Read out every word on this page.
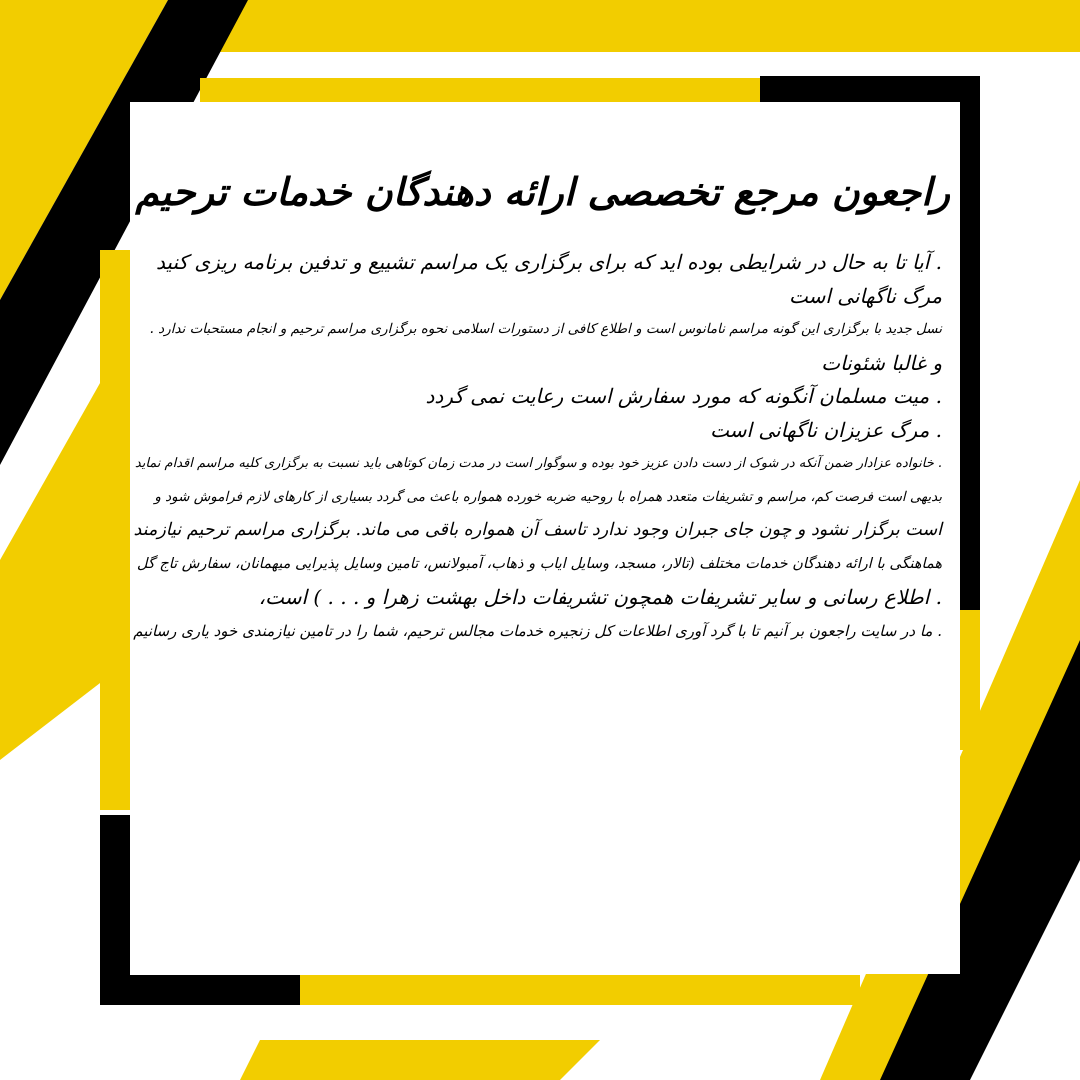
راجعون مرجع تخصصی ارائه دهندگان خدمات ترحیم
. آیا تا به حال در شرایطی بوده اید که برای برگزاری یک مراسم تشییع و تدفین برنامه ریزی کنید
مرگ ناگهانی است
نسل جدید با برگزاری این گونه مراسم نامانوس است و اطلاع کافی از دستورات اسلامی نحوه برگزاری مراسم ترحیم و انجام مستحبات ندارد .
و غالبا شئونات
. میت مسلمان آنگونه که مورد سفارش است رعایت نمی گردد
. مرگ عزیزان ناگهانی است
. خانواده عزادار ضمن آنکه در شوک از دست دادن عزیز خود بوده و سوگوار است در مدت زمان کوتاهی باید نسبت به برگزاری کلیه مراسم اقدام نماید
بدیهی است فرصت کم، مراسم و تشریفات متعدد همراه با روحیه ضربه خورده همواره باعث می گردد بسیاری از کارهای لازم فراموش شود و
است برگزار نشود و چون جای جبران وجود ندارد تاسف آن همواره باقی می ماند. برگزاری مراسم ترحیم نیازمند
هماهنگی با ارائه دهندگان خدمات مختلف (تالار، مسجد، وسایل ایاب و ذهاب، آمبولانس، تامین وسایل پذیرایی میهمانان، سفارش تاج گل
. اطلاع رسانی و سایر تشریفات همچون تشریفات داخل بهشت زهرا و . . . ) است،
. ما در سایت راجعون بر آنیم تا با گرد آوری اطلاعات کل زنجیره خدمات مجالس ترحیم، شما را در تامین نیازمندی خود یاری رسانیم
